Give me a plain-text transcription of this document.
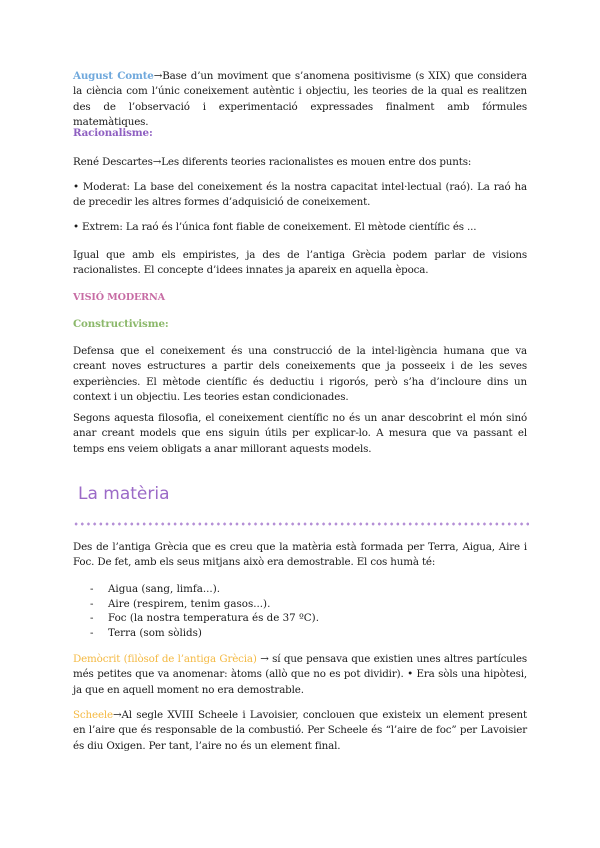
August Comte→Base d’un moviment que s’anomena positivisme (s XIX) que considera la ciència com l’únic coneixement autèntic i objectiu, les teories de la qual es realitzen des de l’observació i experimentació expressades finalment amb fórmules matemàtiques.

Racionalisme:

René Descartes→Les diferents teories racionalistes es mouen entre dos punts:

• Moderat: La base del coneixement és la nostra capacitat intel·lectual (raó). La raó ha de precedir les altres formes d’adquisició de coneixement.

• Extrem: La raó és l’única font fiable de coneixement. El mètode científic és ...

Igual que amb els empiristes, ja des de l’antiga Grècia podem parlar de visions racionalistes. El concepte d’idees innates ja apareix en aquella època.

VISIÓ MODERNA

Constructivisme:

Defensa que el coneixement és una construcció de la intel·ligència humana que va creant noves estructures a partir dels coneixements que ja posseeix i de les seves experiències. El mètode científic és deductiu i rigorós, però s’ha d’incloure dins un context i un objectiu. Les teories estan condicionades.

Segons aquesta filosofia, el coneixement científic no és un anar descobrint el món sinó anar creant models que ens siguin útils per explicar-lo. A mesura que va passant el temps ens veiem obligats a anar millorant aquests models.

La matèria

Des de l’antiga Grècia que es creu que la matèria està formada per Terra, Aigua, Aire i Foc. De fet, amb els seus mitjans això era demostrable. El cos humà té:

- Aigua (sang, limfa...).
- Aire (respirem, tenim gasos...).
- Foc (la nostra temperatura és de 37 ºC).
- Terra (som sòlids)

Demòcrit (filòsof de l’antiga Grècia) → sí que pensava que existien unes altres partícules més petites que va anomenar: àtoms (allò que no es pot dividir). • Era sòls una hipòtesi, ja que en aquell moment no era demostrable.

Scheele→Al segle XVIII Scheele i Lavoisier, conclouen que existeix un element present en l’aire que és responsable de la combustió. Per Scheele és “l’aire de foc” per Lavoisier és diu Oxigen. Per tant, l’aire no és un element final.
